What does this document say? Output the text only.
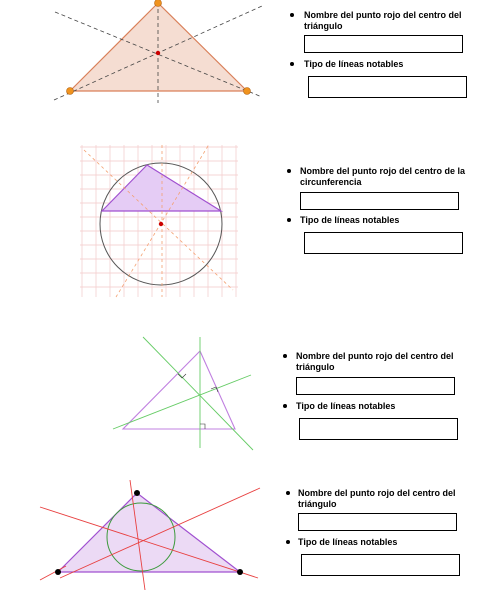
Nombre del punto rojo del centro del triángulo
Tipo de líneas notables
Nombre del punto rojo del centro de la circunferencia
Tipo de líneas notables
Nombre del punto rojo del centro del triángulo
Tipo de líneas notables
Nombre del punto rojo del centro del triángulo
Tipo de líneas notables
